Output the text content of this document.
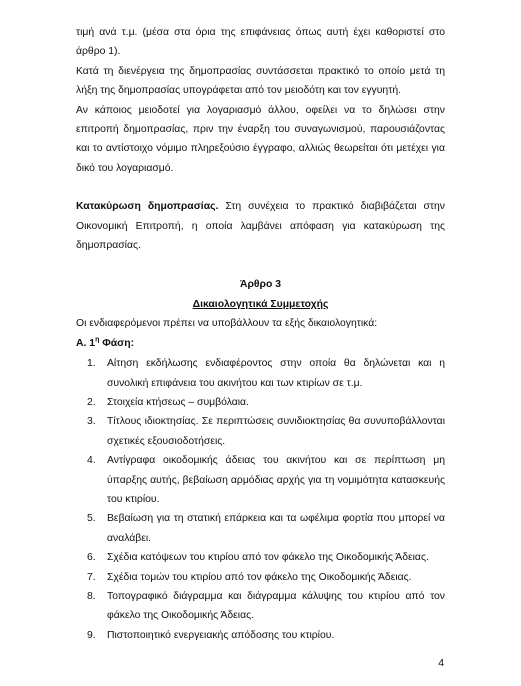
τιμή ανά τ.μ. (μέσα στα όρια της επιφάνειας όπως αυτή έχει καθοριστεί στο άρθρο 1).

Κατά τη διενέργεια της δημοπρασίας συντάσσεται πρακτικό το οποίο μετά τη λήξη της δημοπρασίας υπογράφεται από τον μειοδότη και τον εγγυητή.

Αν κάποιος μειοδοτεί για λογαριασμό άλλου, οφείλει να το δηλώσει στην επιτροπή δημοπρασίας, πριν την έναρξη του συναγωνισμού, παρουσιάζοντας και το αντίστοιχο νόμιμο πληρεξούσιο έγγραφο, αλλιώς θεωρείται ότι μετέχει για δικό του λογαριασμό.

Κατακύρωση δημοπρασίας. Στη συνέχεια το πρακτικό διαβιβάζεται στην Οικονομική Επιτροπή, η οποία λαμβάνει απόφαση για κατακύρωση της δημοπρασίας.

Άρθρο 3

Δικαιολογητικά Συμμετοχής

Οι ενδιαφερόμενοι πρέπει να υποβάλλουν τα εξής δικαιολογητικά:

Α. $1^\eta$ Φάση:

1. Αίτηση εκδήλωσης ενδιαφέροντος στην οποία θα δηλώνεται και η συνολική επιφάνεια του ακινήτου και των κτιρίων σε τ.μ.
2. Στοιχεία κτήσεως – συμβόλαια.
3. Τίτλους ιδιοκτησίας. Σε περιπτώσεις συνιδιοκτησίας θα συνυποβάλλονται σχετικές εξουσιοδοτήσεις.
4. Αντίγραφα οικοδομικής άδειας του ακινήτου και σε περίπτωση μη ύπαρξης αυτής, βεβαίωση αρμόδιας αρχής για τη νομιμότητα κατασκευής του κτιρίου.
5. Βεβαίωση για τη στατική επάρκεια και τα ωφέλιμα φορτία που μπορεί να αναλάβει.
6. Σχέδια κατόψεων του κτιρίου από τον φάκελο της Οικοδομικής Άδειας.
7. Σχέδια τομών του κτιρίου από τον φάκελο της Οικοδομικής Άδειας.
8. Τοπογραφικό διάγραμμα και διάγραμμα κάλυψης του κτιρίου από τον φάκελο της Οικοδομικής Άδειας.
9. Πιστοποιητικό ενεργειακής απόδοσης του κτιρίου.
4
